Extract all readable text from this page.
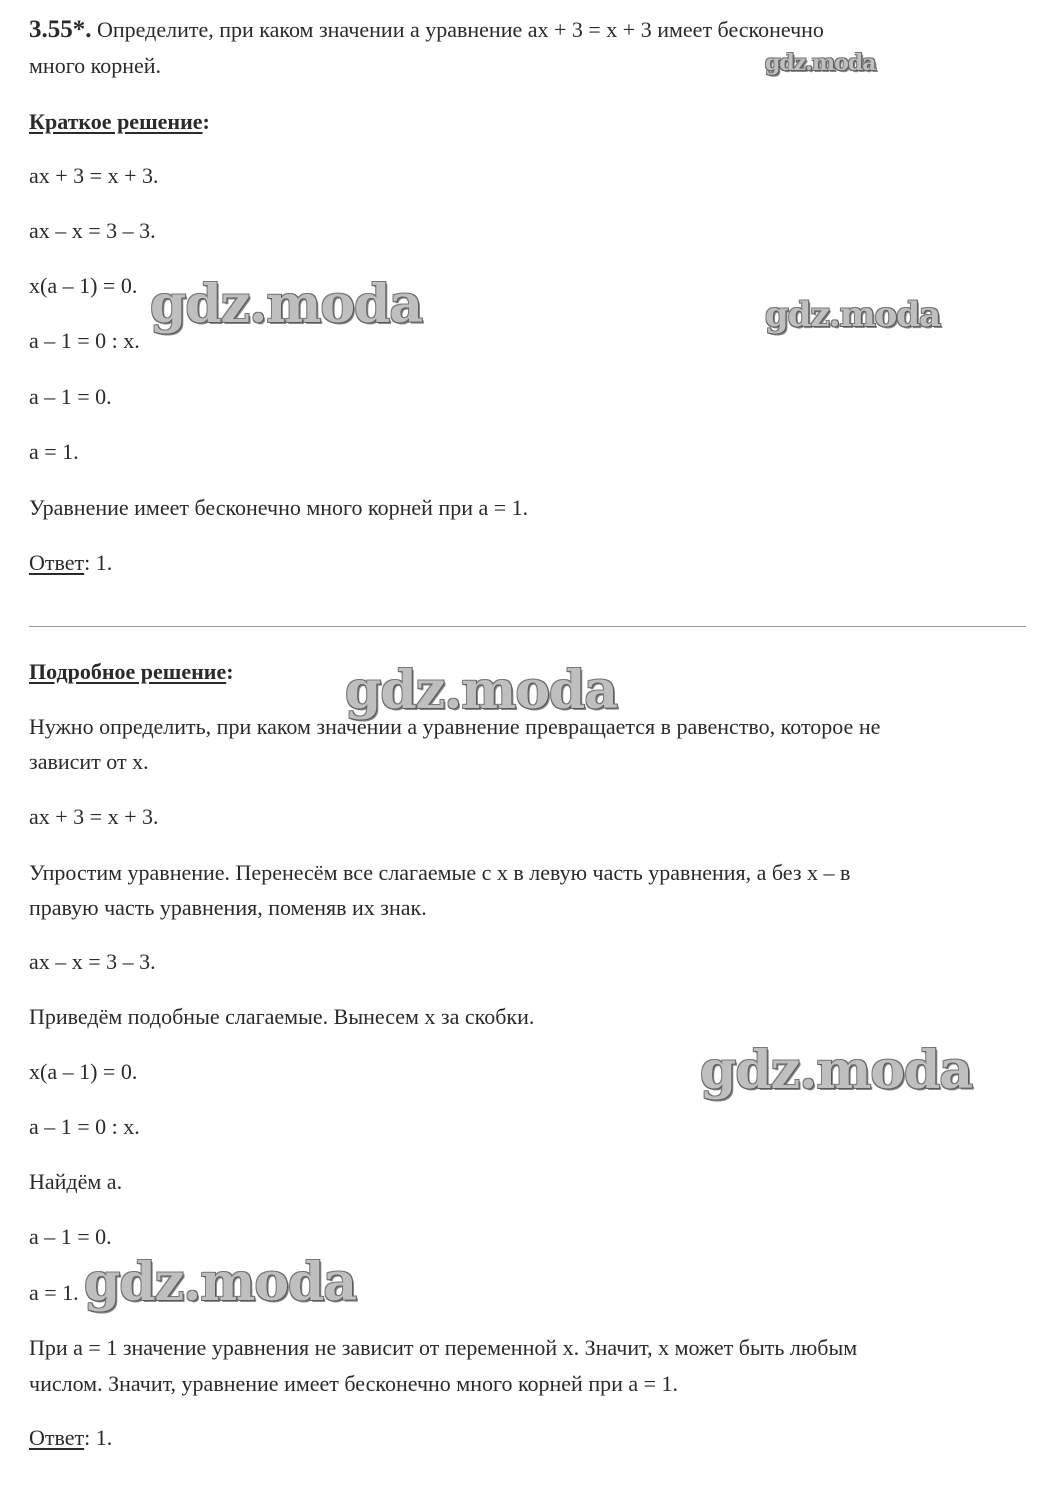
3.55*. Определите, при каком значении а уравнение ах + 3 = х + 3 имеет бесконечно
много корней.
Краткое решение:
ах + 3 = х + 3.
ах – х = 3 – 3.
х(а – 1) = 0.
а – 1 = 0 : х.
а – 1 = 0.
а = 1.
Уравнение имеет бесконечно много корней при а = 1.
Ответ: 1.
Подробное решение:
Нужно определить, при каком значении а уравнение превращается в равенство, которое не
зависит от х.
ах + 3 = х + 3.
Упростим уравнение. Перенесём все слагаемые с х в левую часть уравнения, а без х – в
правую часть уравнения, поменяв их знак.
ах – х = 3 – 3.
Приведём подобные слагаемые. Вынесем х за скобки.
х(а – 1) = 0.
а – 1 = 0 : х.
Найдём а.
а – 1 = 0.
а = 1.
При а = 1 значение уравнения не зависит от переменной х. Значит, х может быть любым
числом. Значит, уравнение имеет бесконечно много корней при а = 1.
Ответ: 1.
gdz.moda
gdz.moda	gdz.moda
gdz.moda
gdz.moda
gdz.moda
